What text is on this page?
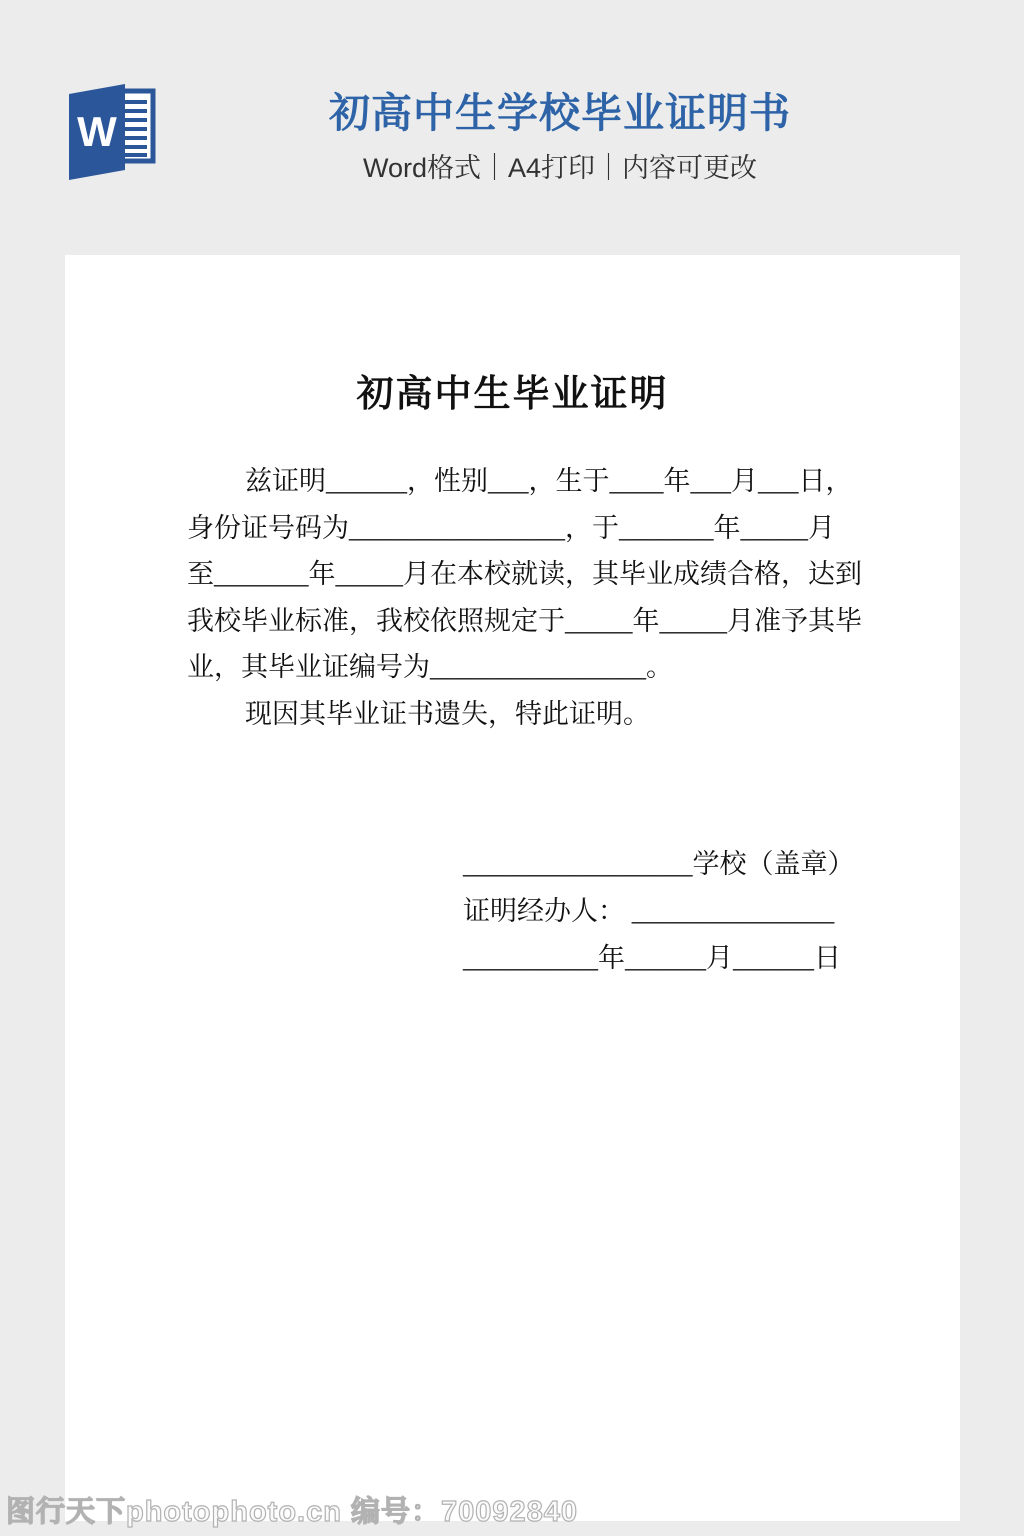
W	初高中生学校毕业证明书
Word格式｜A4打印｜内容可更改
初高中生毕业证明
兹证明______，性别___，生于____年___月___日，
身份证号码为________________，于_______年_____月
至_______年_____月在本校就读，其毕业成绩合格，达到
我校毕业标准，我校依照规定于_____年_____月准予其毕
业，其毕业证编号为________________。
现因其毕业证书遗失，特此证明。
_________________学校（盖章）
证明经办人： _______________
__________年______月______日
图行天下photophoto.cn 编号：70092840
